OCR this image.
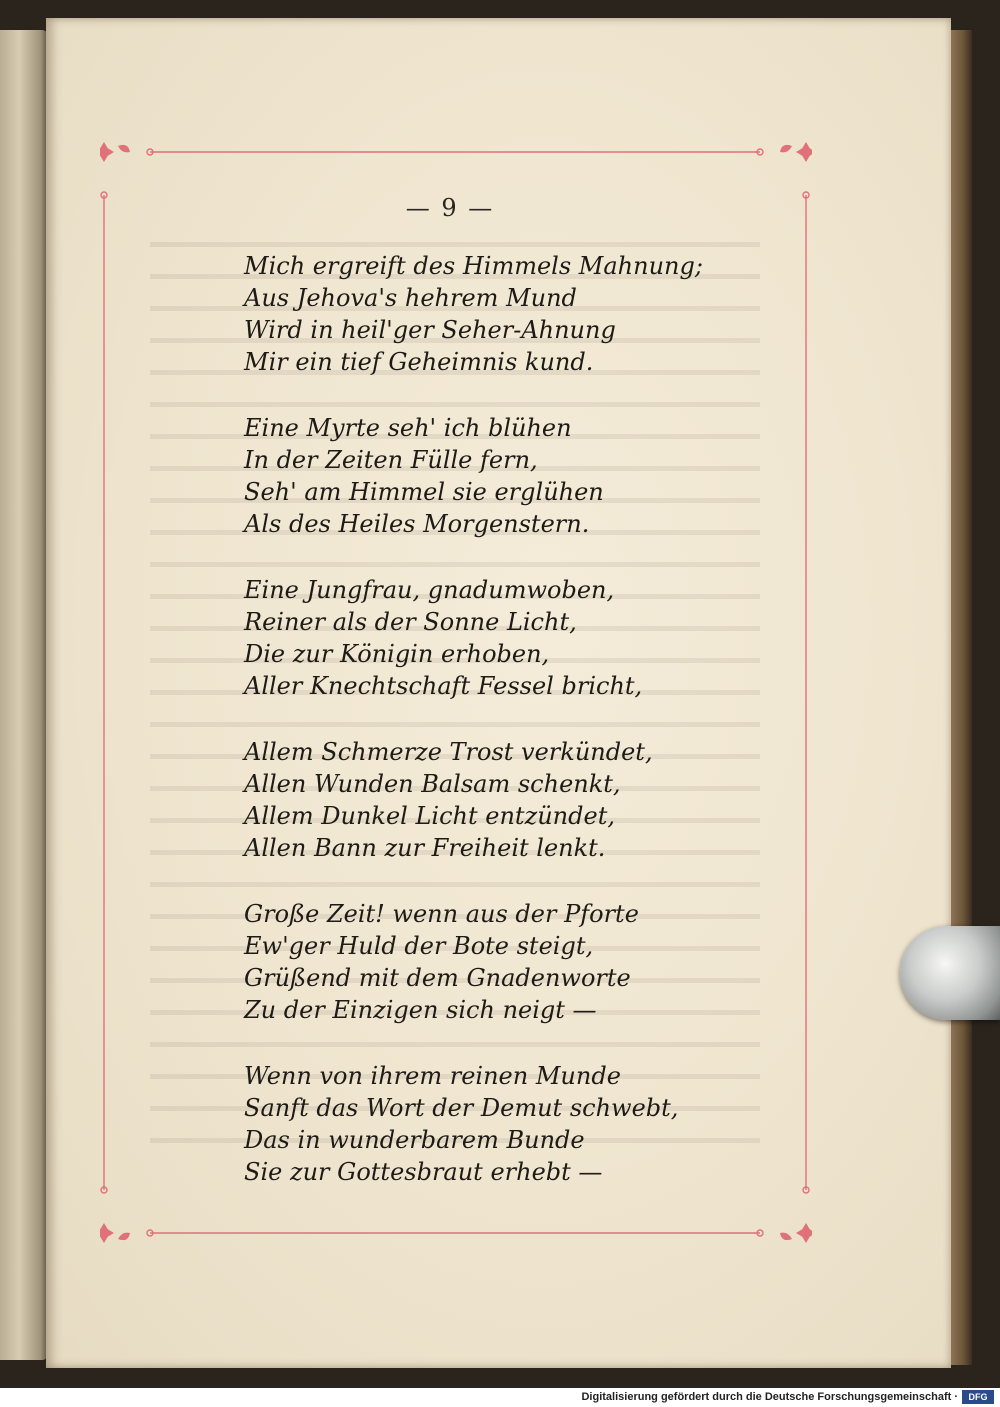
— 9 —
Mich ergreift des Himmels Mahnung;
Aus Jehova's hehrem Mund
Wird in heil'ger Seher-Ahnung
Mir ein tief Geheimnis kund.
Eine Myrte seh' ich blühen
In der Zeiten Fülle fern,
Seh' am Himmel sie erglühen
Als des Heiles Morgenstern.
Eine Jungfrau, gnadumwoben,
Reiner als der Sonne Licht,
Die zur Königin erhoben,
Aller Knechtschaft Fessel bricht,
Allem Schmerze Trost verkündet,
Allen Wunden Balsam schenkt,
Allem Dunkel Licht entzündet,
Allen Bann zur Freiheit lenkt.
Große Zeit! wenn aus der Pforte
Ew'ger Huld der Bote steigt,
Grüßend mit dem Gnadenworte
Zu der Einzigen sich neigt —
Wenn von ihrem reinen Munde
Sanft das Wort der Demut schwebt,
Das in wunderbarem Bunde
Sie zur Gottesbraut erhebt —
Digitalisierung gefördert durch die Deutsche Forschungsgemeinschaft ·	DFG
